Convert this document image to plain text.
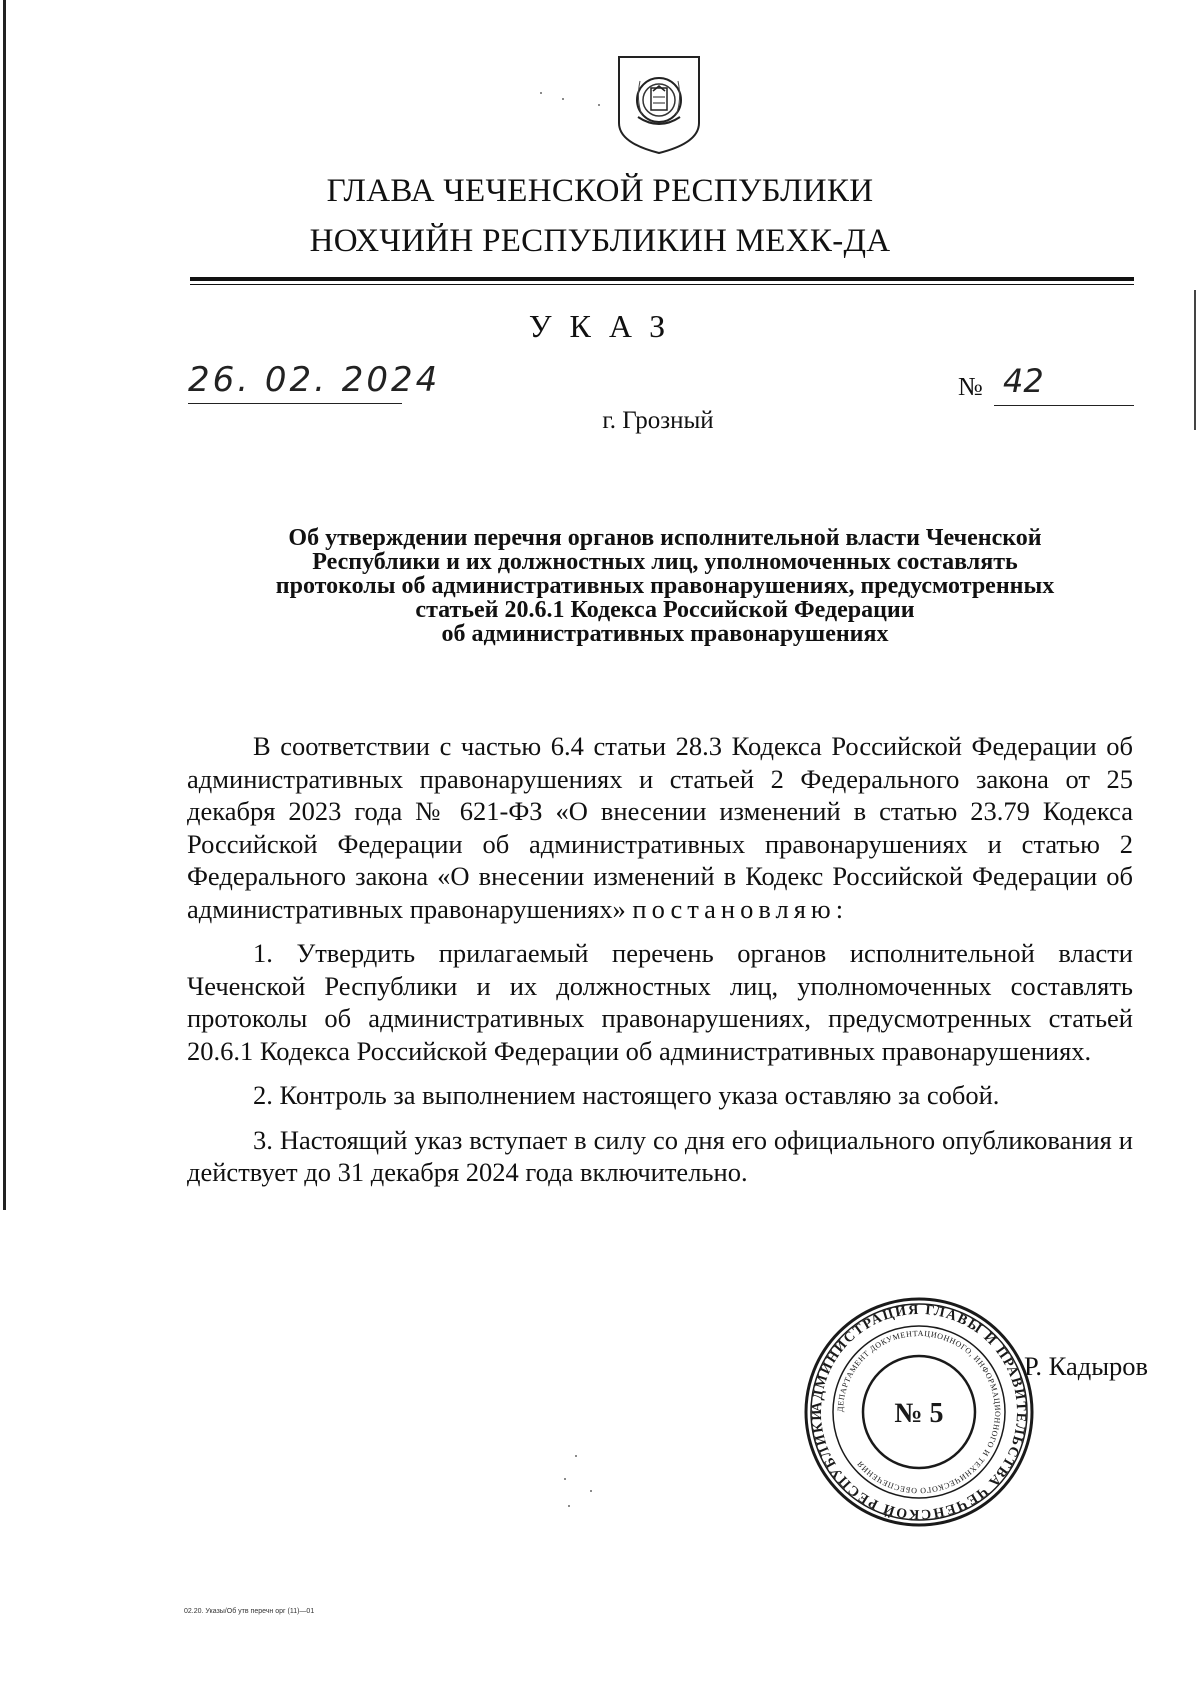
ГЛАВА ЧЕЧЕНСКОЙ РЕСПУБЛИКИ
НОХЧИЙН РЕСПУБЛИКИН МЕХК-ДА
УКАЗ
26. 02. 2024	№ 42
г. Грозный
Об утверждении перечня органов исполнительной власти Чеченской
Республики и их должностных лиц, уполномоченных составлять
протоколы об административных правонарушениях, предусмотренных
статьей 20.6.1 Кодекса Российской Федерации
об административных правонарушениях

В соответствии с частью 6.4 статьи 28.3 Кодекса Российской Федерации об административных правонарушениях и статьей 2 Федерального закона от 25 декабря 2023 года № 621-ФЗ «О внесении изменений в статью 23.79 Кодекса Российской Федерации об административных правонарушениях и статью 2 Федерального закона «О внесении изменений в Кодекс Российской Федерации об административных правонарушениях» постановляю:

1. Утвердить прилагаемый перечень органов исполнительной власти Чеченской Республики и их должностных лиц, уполномоченных составлять протоколы об административных правонарушениях, предусмотренных статьей 20.6.1 Кодекса Российской Федерации об административных правонарушениях.

2. Контроль за выполнением настоящего указа оставляю за собой.

3. Настоящий указ вступает в силу со дня его официального опубликования и действует до 31 декабря 2024 года включительно.

Р. Кадыров
АДМИНИСТРАЦИЯ ГЛАВЫ И ПРАВИТЕЛЬСТВА ЧЕЧЕНСКОЙ РЕСПУБЛИКИ	ДЕПАРТАМЕНТ ДОКУМЕНТАЦИОННОГО, ИНФОРМАЦИОННОГО И ТЕХНИЧЕСКОГО ОБЕСПЕЧЕНИЯ
№ 5
02.20. Указы/Об утв перечн орг (11)—01
